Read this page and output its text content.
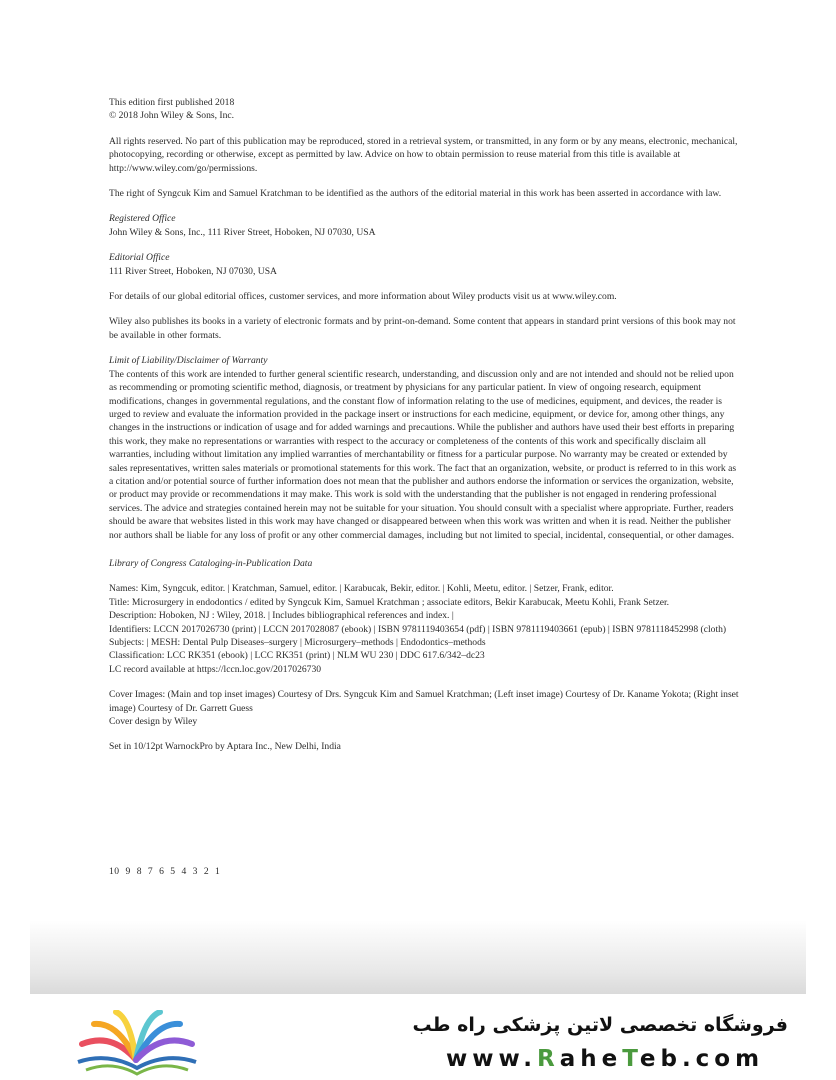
This edition first published 2018

© 2018 John Wiley & Sons, Inc.

All rights reserved. No part of this publication may be reproduced, stored in a retrieval system, or transmitted, in any form or by any means, electronic, mechanical, photocopying, recording or otherwise, except as permitted by law. Advice on how to obtain permission to reuse material from this title is available at http://www.wiley.com/go/permissions.

The right of Syngcuk Kim and Samuel Kratchman to be identified as the authors of the editorial material in this work has been asserted in accordance with law.

Registered Office

John Wiley & Sons, Inc., 111 River Street, Hoboken, NJ 07030, USA

Editorial Office

111 River Street, Hoboken, NJ 07030, USA

For details of our global editorial offices, customer services, and more information about Wiley products visit us at www.wiley.com.

Wiley also publishes its books in a variety of electronic formats and by print-on-demand. Some content that appears in standard print versions of this book may not be available in other formats.

Limit of Liability/Disclaimer of Warranty

The contents of this work are intended to further general scientific research, understanding, and discussion only and are not intended and should not be relied upon as recommending or promoting scientific method, diagnosis, or treatment by physicians for any particular patient. In view of ongoing research, equipment modifications, changes in governmental regulations, and the constant flow of information relating to the use of medicines, equipment, and devices, the reader is urged to review and evaluate the information provided in the package insert or instructions for each medicine, equipment, or device for, among other things, any changes in the instructions or indication of usage and for added warnings and precautions. While the publisher and authors have used their best efforts in preparing this work, they make no representations or warranties with respect to the accuracy or completeness of the contents of this work and specifically disclaim all warranties, including without limitation any implied warranties of merchantability or fitness for a particular purpose. No warranty may be created or extended by sales representatives, written sales materials or promotional statements for this work. The fact that an organization, website, or product is referred to in this work as a citation and/or potential source of further information does not mean that the publisher and authors endorse the information or services the organization, website, or product may provide or recommendations it may make. This work is sold with the understanding that the publisher is not engaged in rendering professional services. The advice and strategies contained herein may not be suitable for your situation. You should consult with a specialist where appropriate. Further, readers should be aware that websites listed in this work may have changed or disappeared between when this work was written and when it is read. Neither the publisher nor authors shall be liable for any loss of profit or any other commercial damages, including but not limited to special, incidental, consequential, or other damages.

Library of Congress Cataloging-in-Publication Data

Names: Kim, Syngcuk, editor. | Kratchman, Samuel, editor. | Karabucak, Bekir, editor. | Kohli, Meetu, editor. | Setzer, Frank, editor.

Title: Microsurgery in endodontics / edited by Syngcuk Kim, Samuel Kratchman ; associate editors, Bekir Karabucak, Meetu Kohli, Frank Setzer.

Description: Hoboken, NJ : Wiley, 2018. | Includes bibliographical references and index. |

Identifiers: LCCN 2017026730 (print) | LCCN 2017028087 (ebook) | ISBN 9781119403654 (pdf) | ISBN 9781119403661 (epub) | ISBN 9781118452998 (cloth)

Subjects: | MESH: Dental Pulp Diseases–surgery | Microsurgery–methods | Endodontics–methods

Classification: LCC RK351 (ebook) | LCC RK351 (print) | NLM WU 230 | DDC 617.6/342–dc23

LC record available at https://lccn.loc.gov/2017026730

Cover Images: (Main and top inset images) Courtesy of Drs. Syngcuk Kim and Samuel Kratchman; (Left inset image) Courtesy of Dr. Kaname Yokota; (Right inset image) Courtesy of Dr. Garrett Guess

Cover design by Wiley

Set in 10/12pt WarnockPro by Aptara Inc., New Delhi, India

10 9 8 7 6 5 4 3 2 1
فروشگاه تخصصی لاتین پزشکی راه طب
www.RaheTeb.com
